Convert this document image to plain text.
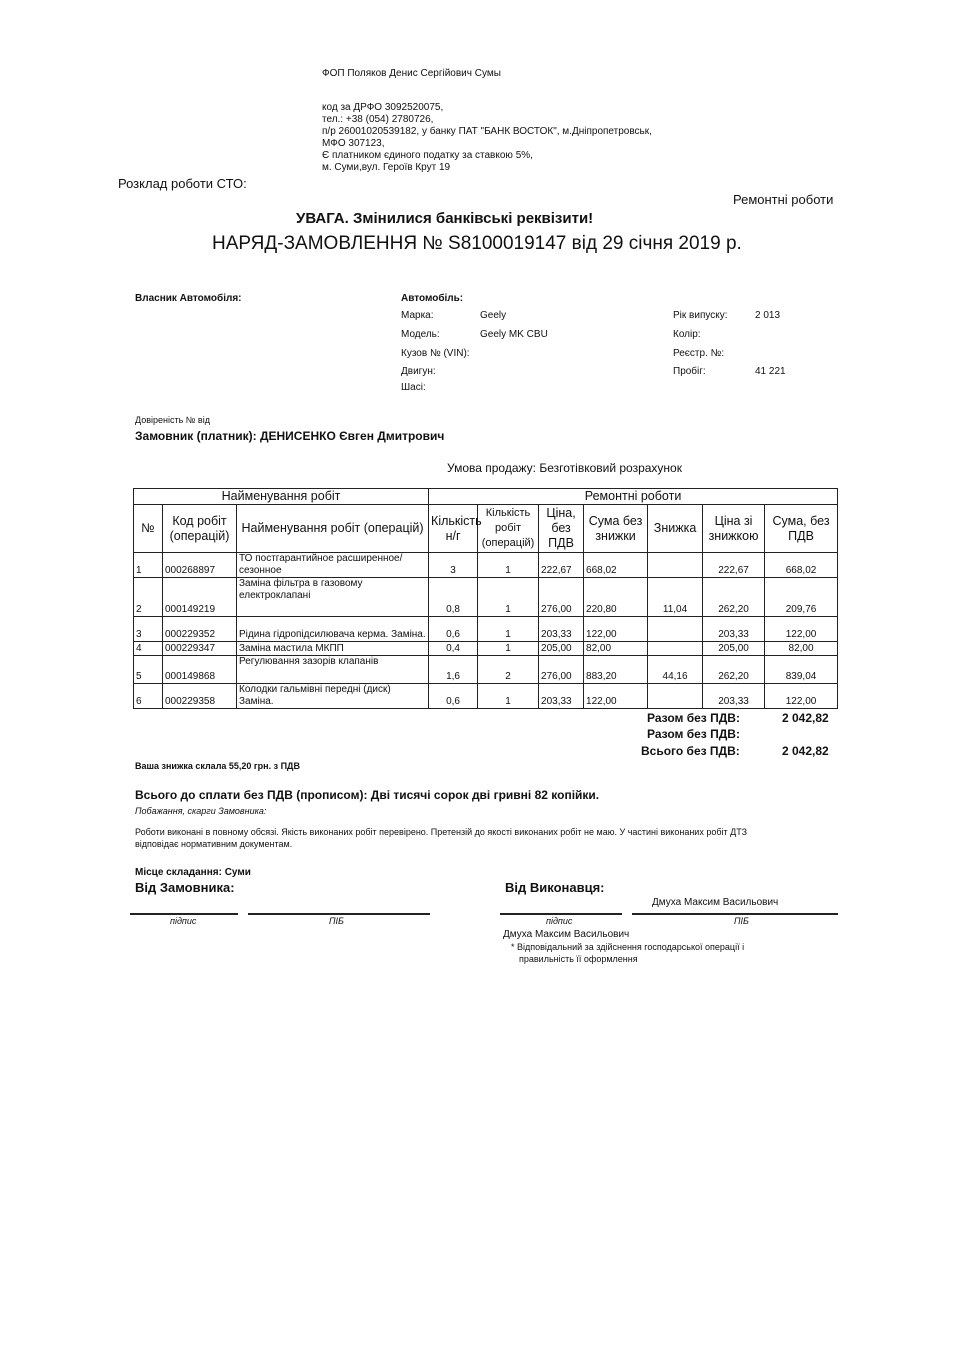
ФОП Поляков Денис Сергійович Сумы
код за ДРФО 3092520075,
тел.: +38 (054) 2780726,
п/р 26001020539182, у банку ПАТ "БАНК ВОСТОК", м.Дніпропетровськ,
МФО 307123,
Є платником єдиного податку за ставкою 5%,
м. Суми,вул. Героїв Крут 19
Розклад роботи СТО:
Ремонтні роботи
УВАГА. Змінилися банківські реквізити!
НАРЯД-ЗАМОВЛЕННЯ № S8100019147 від 29 січня 2019 р.
Власник Автомобіля:	Автомобіль:
Марка:	Geely
Модель:	Geely MK CBU
Кузов № (VIN):
Двигун:
Шасі:
Рік випуску:	2 013
Колір:
Реєстр. №:
Пробіг:	41 221
Довіреність № від
Замовник (платник): ДЕНИСЕНКО Євген Дмитрович
Умова продажу: Безготівковий розрахунок
Найменування робіт			Ремонтні роботи						
№	Код робіт (операцій)	Найменування робіт (операцій)	Кількість н/г	Кількість робіт (операцій)	Ціна, без ПДВ	Сума без знижки	Знижка	Ціна зі знижкою	Сума, без ПДВ
1	000268897	ТО постгарантийное расширенное/сезонное	3	1	222,67	668,02		222,67	668,02
2	000149219	Заміна фільтра в газовому електроклапані	0,8	1	276,00	220,80	11,04	262,20	209,76
3	000229352	Рідина гідропідсилювача керма. Заміна.	0,6	1	203,33	122,00		203,33	122,00
4	000229347	Заміна мастила МКПП	0,4	1	205,00	82,00		205,00	82,00
5	000149868	Регулювання зазорів клапанів	1,6	2	276,00	883,20	44,16	262,20	839,04
6	000229358	Колодки гальмівні передні (диск) Заміна.	0,6	1	203,33	122,00		203,33	122,00
Разом без ПДВ:	2 042,82
Разом без ПДВ:
Всього без ПДВ:	2 042,82
Ваша знижка склала 55,20 грн. з ПДВ
Всього до сплати без ПДВ (прописом): Дві тисячі сорок дві гривні 82 копійки.
Побажання, скарги Замовника:
Роботи виконані в повному обсязі. Якість виконаних робіт перевірено. Претензій до якості виконаних робіт не маю. У частині виконаних робіт ДТЗ
відповідає нормативним документам.
Місце складання: Суми
Від Замовника:	Від Виконавця:
Дмуха Максим Васильович
підпис	ПІБ	підпис	ПІБ
Дмуха Максим Васильович
* Відповідальний за здійснення господарської операції і
правильність її оформлення
